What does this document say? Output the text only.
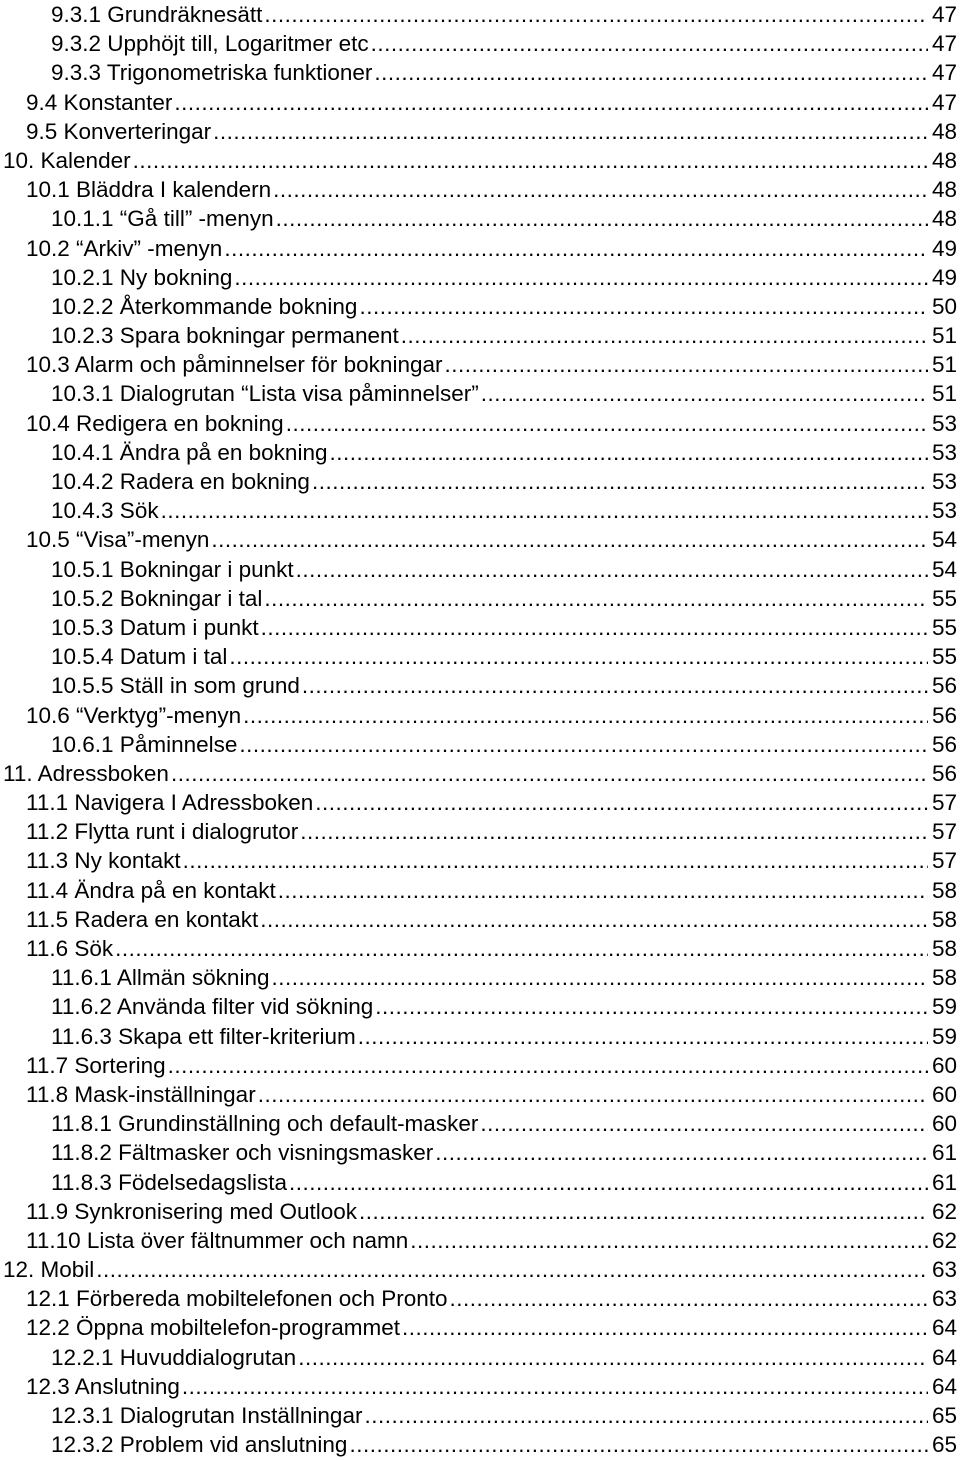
9.3.1 Grundräknesätt .....	47
9.3.2 Upphöjt till, Logaritmer etc .....	47
9.3.3 Trigonometriska funktioner .....	47
9.4 Konstanter .....	47
9.5 Konverteringar .....	48
10. Kalender .....	48
10.1 Bläddra I kalendern .....	48
10.1.1 “Gå till” -menyn .....	48
10.2 “Arkiv” -menyn .....	49
10.2.1 Ny bokning .....	49
10.2.2 Återkommande bokning .....	50
10.2.3 Spara bokningar permanent .....	51
10.3 Alarm och påminnelser för bokningar .....	51
10.3.1 Dialogrutan “Lista visa påminnelser” .....	51
10.4 Redigera en bokning .....	53
10.4.1 Ändra på en bokning .....	53
10.4.2 Radera en bokning .....	53
10.4.3 Sök .....	53
10.5 “Visa”-menyn .....	54
10.5.1 Bokningar i punkt .....	54
10.5.2 Bokningar i tal .....	55
10.5.3 Datum i punkt .....	55
10.5.4 Datum i tal .....	55
10.5.5 Ställ in som grund .....	56
10.6 “Verktyg”-menyn .....	56
10.6.1 Påminnelse .....	56
11. Adressboken .....	56
11.1 Navigera I Adressboken .....	57
11.2 Flytta runt i dialogrutor .....	57
11.3 Ny kontakt .....	57
11.4 Ändra på en kontakt .....	58
11.5 Radera en kontakt .....	58
11.6 Sök .....	58
11.6.1 Allmän sökning .....	58
11.6.2 Använda filter vid sökning .....	59
11.6.3 Skapa ett filter-kriterium .....	59
11.7 Sortering .....	60
11.8 Mask-inställningar .....	60
11.8.1 Grundinställning och default-masker .....	60
11.8.2 Fältmasker och visningsmasker .....	61
11.8.3 Födelsedagslista .....	61
11.9 Synkronisering med Outlook .....	62
11.10 Lista över fältnummer och namn .....	62
12. Mobil .....	63
12.1 Förbereda mobiltelefonen och Pronto .....	63
12.2 Öppna mobiltelefon-programmet .....	64
12.2.1 Huvuddialogrutan .....	64
12.3 Anslutning .....	64
12.3.1 Dialogrutan Inställningar .....	65
12.3.2 Problem vid anslutning .....	65
